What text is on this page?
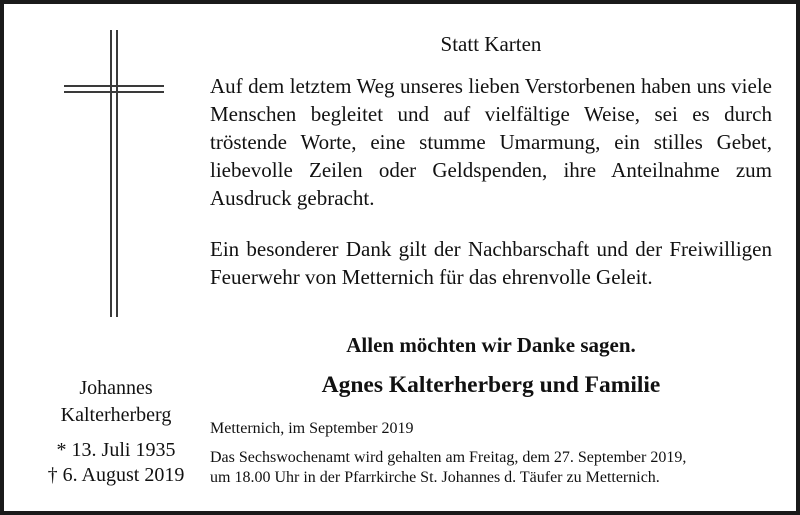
Johannes
Kalterherberg
* 13. Juli 1935
† 6. August 2019
Statt Karten
Auf dem letztem Weg unseres lieben Verstorbenen haben uns viele Menschen begleitet und auf vielfältige Weise, sei es durch tröstende Worte, eine stumme Umarmung, ein stilles Gebet, liebevolle Zeilen oder Geldspenden, ihre Anteilnahme zum Ausdruck gebracht.
Ein besonderer Dank gilt der Nachbarschaft und der Freiwilligen Feuerwehr von Metternich für das ehrenvolle Geleit.
Allen möchten wir Danke sagen.
Agnes Kalterherberg und Familie
Metternich, im September 2019
Das Sechswochenamt wird gehalten am Freitag, dem 27. September 2019,
um 18.00 Uhr in der Pfarrkirche St. Johannes d. Täufer zu Metternich.
